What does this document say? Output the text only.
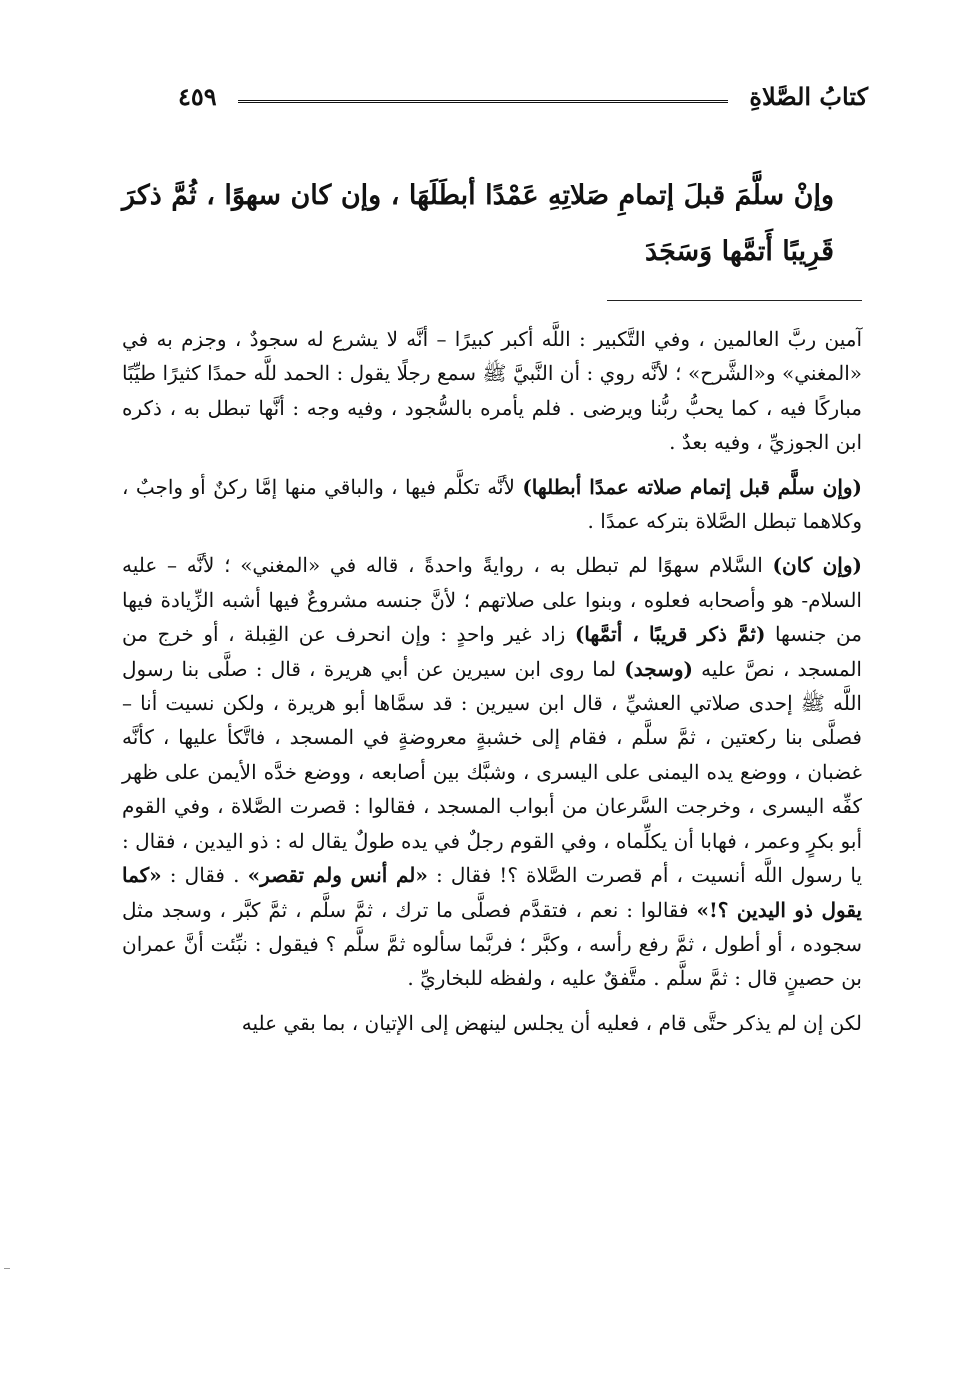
كتابُ الصَّلاةِ
٤٥٩
وإنْ سلَّمَ قبلَ إتمامِ صَلاتِهِ عَمْدًا أبطَلَهَا ، وإن كان سهوًا ، ثُمَّ ذكرَ قَرِيبًا أَتمَّها وَسَجَدَ

آمين ربَّ العالمين ، وفي التَّكبير : اللَّه أكبر كبيرًا – أنَّه لا يشرع له سجودٌ ، وجزم به في «المغني» و«الشَّرح» ؛ لأنَّه روي : أن النَّبيَّ ﷺ سمع رجلًا يقول : الحمد للَّه حمدًا كثيرًا طيِّبًا مباركًا فيه ، كما يحبُّ ربُّنا ويرضى . فلم يأمره بالسُّجود ، وفيه وجه : أنَّها تبطل به ، ذكره ابن الجوزيِّ ، وفيه بعدٌ .

(وإن سلَّم قبل إتمام صلاته عمدًا أبطلها) لأنَّه تكلَّم فيها ، والباقي منها إمَّا ركنٌ أو واجبٌ ، وكلاهما تبطل الصَّلاة بتركه عمدًا .

(وإن كان) السَّلام سهوًا لم تبطل به ، روايةً واحدةً ، قاله في «المغني» ؛ لأنَّه – عليه السلام- هو وأصحابه فعلوه ، وبنوا على صلاتهم ؛ لأنَّ جنسه مشروعٌ فيها أشبه الزِّيادة فيها من جنسها (ثمَّ ذكر قريبًا ، أتمَّها) زاد غير واحدٍ : وإن انحرف عن القِبلة ، أو خرج من المسجد ، نصَّ عليه (وسجد) لما روى ابن سيرين عن أبي هريرة ، قال : صلَّى بنا رسول اللَّه ﷺ إحدى صلاتي العشيِّ ، قال ابن سيرين : قد سمَّاها أبو هريرة ، ولكن نسيت أنا – فصلَّى بنا ركعتين ، ثمَّ سلَّم ، فقام إلى خشبةٍ معروضةٍ في المسجد ، فاتَّكأ عليها ، كأنَّه غضبان ، ووضع يده اليمنى على اليسرى ، وشبَّك بين أصابعه ، ووضع خدَّه الأيمن على ظهر كفِّه اليسرى ، وخرجت السَّرعان من أبواب المسجد ، فقالوا : قصرت الصَّلاة ، وفي القوم أبو بكرٍ وعمر ، فهابا أن يكلِّماه ، وفي القوم رجلٌ في يده طولٌ يقال له : ذو اليدين ، فقال : يا رسول اللَّه أنسيت ، أم قصرت الصَّلاة ؟! فقال : «لم أنس ولم تقصر» . فقال : «كما يقول ذو اليدين ؟!» فقالوا : نعم ، فتقدَّم فصلَّى ما ترك ، ثمَّ سلَّم ، ثمَّ كبَّر ، وسجد مثل سجوده ، أو أطول ، ثمَّ رفع رأسه ، وكبَّر ؛ فربَّما سألوه ثمَّ سلَّم ؟ فيقول : نبِّئت أنَّ عمران بن حصينٍ قال : ثمَّ سلَّم . متَّفقٌ عليه ، ولفظه للبخاريِّ .

لكن إن لم يذكر حتَّى قام ، فعليه أن يجلس لينهض إلى الإتيان ، بما بقي عليه
